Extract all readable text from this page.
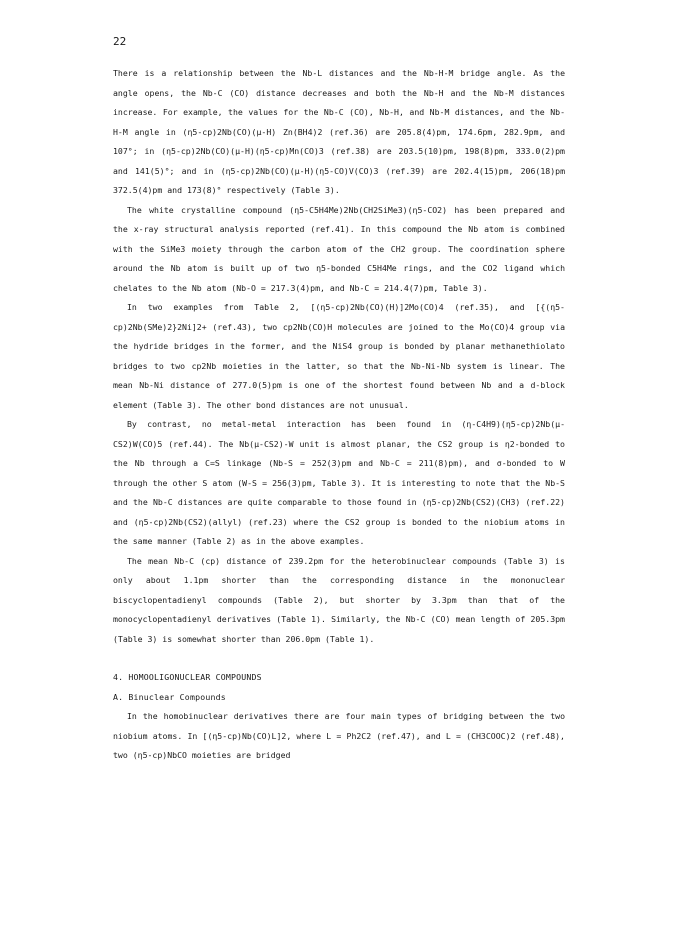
22

There is a relationship between the Nb-L distances and the Nb-H-M bridge angle. As the angle opens, the Nb-C (CO) distance decreases and both the Nb-H and the Nb-M distances increase. For example, the values for the Nb-C (CO), Nb-H, and Nb-M distances, and the Nb-H-M angle in (η5-cp)2Nb(CO)(μ-H) Zn(BH4)2 (ref.36) are 205.8(4)pm, 174.6pm, 282.9pm, and 107°; in (η5-cp)2Nb(CO)(μ-H)(η5-cp)Mn(CO)3 (ref.38) are 203.5(10)pm, 198(8)pm, 333.0(2)pm and 141(5)°; and in (η5-cp)2Nb(CO)(μ-H)(η5-CO)V(CO)3 (ref.39) are 202.4(15)pm, 206(18)pm 372.5(4)pm and 173(8)° respectively (Table 3).

The white crystalline compound (η5-C5H4Me)2Nb(CH2SiMe3)(η5-CO2) has been prepared and the x-ray structural analysis reported (ref.41). In this compound the Nb atom is combined with the SiMe3 moiety through the carbon atom of the CH2 group. The coordination sphere around the Nb atom is built up of two η5-bonded C5H4Me rings, and the CO2 ligand which chelates to the Nb atom (Nb-O = 217.3(4)pm, and Nb-C = 214.4(7)pm, Table 3).

In two examples from Table 2, [(η5-cp)2Nb(CO)(H)]2Mo(CO)4 (ref.35), and [{(η5-cp)2Nb(SMe)2}2Ni]2+ (ref.43), two cp2Nb(CO)H molecules are joined to the Mo(CO)4 group via the hydride bridges in the former, and the NiS4 group is bonded by planar methanethiolato bridges to two cp2Nb moieties in the latter, so that the Nb-Ni-Nb system is linear. The mean Nb-Ni distance of 277.0(5)pm is one of the shortest found between Nb and a d-block element (Table 3). The other bond distances are not unusual.

By contrast, no metal-metal interaction has been found in (η-C4H9)(η5-cp)2Nb(μ-CS2)W(CO)5 (ref.44). The Nb(μ-CS2)-W unit is almost planar, the CS2 group is η2-bonded to the Nb through a C=S linkage (Nb-S = 252(3)pm and Nb-C = 211(8)pm), and σ-bonded to W through the other S atom (W-S = 256(3)pm, Table 3). It is interesting to note that the Nb-S and the Nb-C distances are quite comparable to those found in (η5-cp)2Nb(CS2)(CH3) (ref.22) and (η5-cp)2Nb(CS2)(allyl) (ref.23) where the CS2 group is bonded to the niobium atoms in the same manner (Table 2) as in the above examples.

The mean Nb-C (cp) distance of 239.2pm for the heterobinuclear compounds (Table 3) is only about 1.1pm shorter than the corresponding distance in the mononuclear biscyclopentadienyl compounds (Table 2), but shorter by 3.3pm than that of the monocyclopentadienyl derivatives (Table 1). Similarly, the Nb-C (CO) mean length of 205.3pm (Table 3) is somewhat shorter than 206.0pm (Table 1).

4. HOMOOLIGONUCLEAR COMPOUNDS

A. Binuclear Compounds

In the homobinuclear derivatives there are four main types of bridging between the two niobium atoms. In [(η5-cp)Nb(CO)L]2, where L = Ph2C2 (ref.47), and L = (CH3COOC)2 (ref.48), two (η5-cp)NbCO moieties are bridged
